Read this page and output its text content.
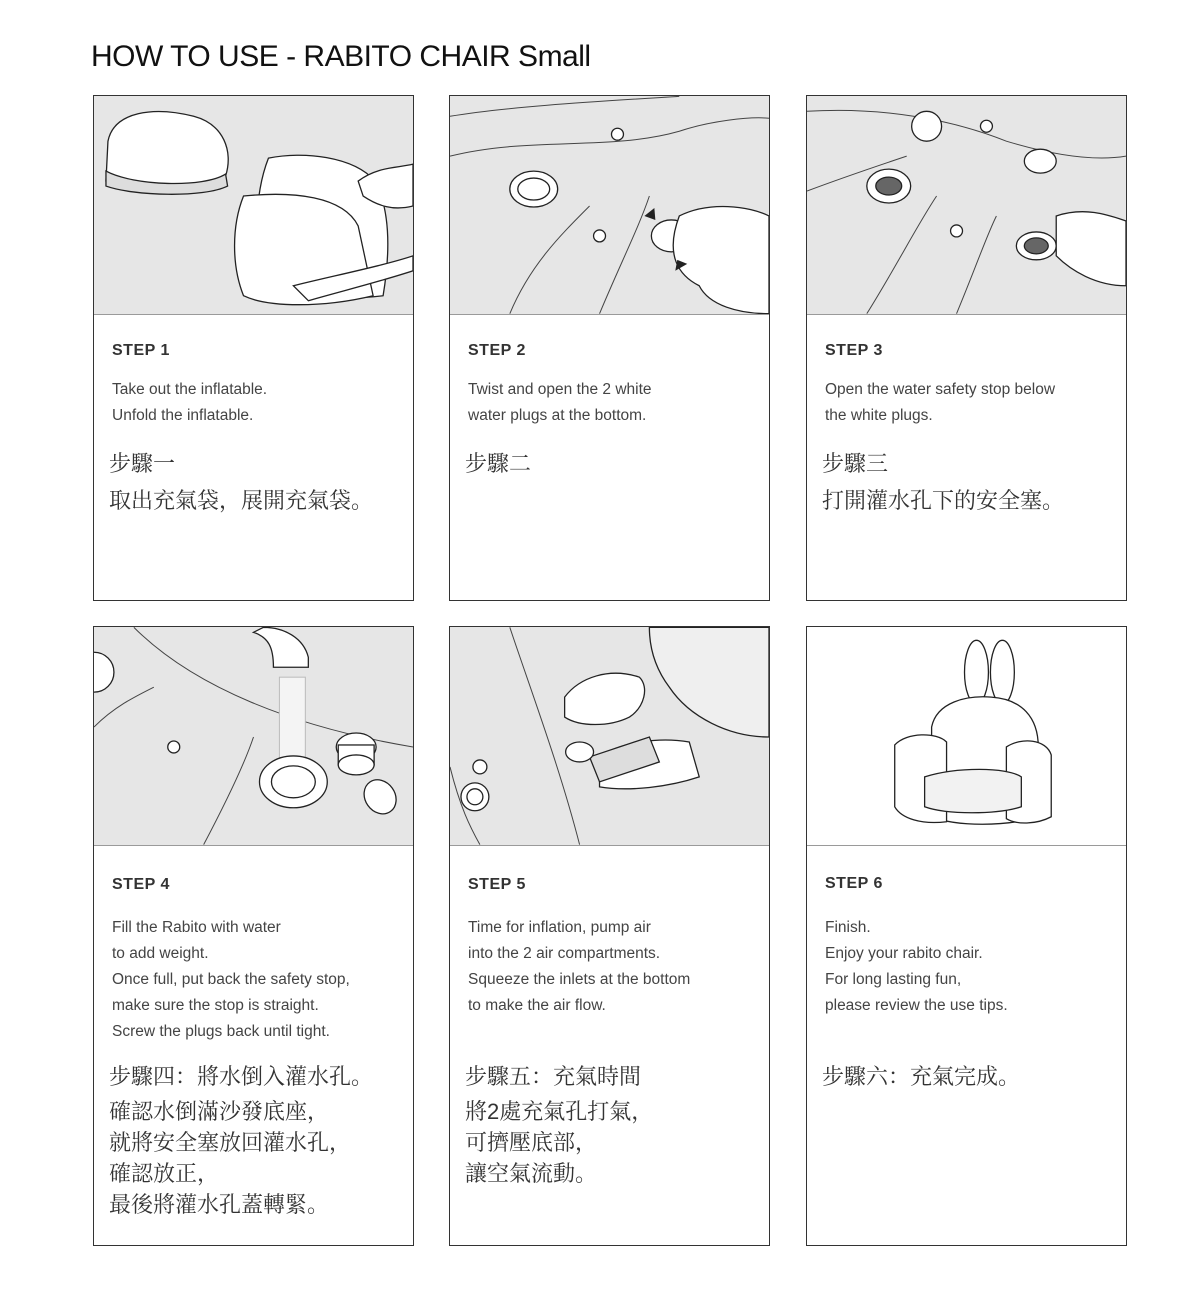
HOW TO USE - RABITO CHAIR Small
STEP 1
Take out the inflatable.
Unfold the inflatable.
步驟一
取出充氣袋，展開充氣袋。
STEP 2
Twist and open the 2 white
water plugs at the bottom.
步驟二
STEP 3
Open the water safety stop below
the white plugs.
步驟三
打開灌水孔下的安全塞。
STEP 4
Fill the Rabito with water
to add weight.
Once full, put back the safety stop,
make sure the stop is straight.
Screw the plugs back until tight.
步驟四：將水倒入灌水孔。
確認水倒滿沙發底座，
就將安全塞放回灌水孔，
確認放正，
最後將灌水孔蓋轉緊。
STEP 5
Time for inflation, pump air
into the 2 air compartments.
Squeeze the inlets at the bottom
to make the air flow.
步驟五：充氣時間
將2處充氣孔打氣，
可擠壓底部，
讓空氣流動。
STEP 6
Finish.
Enjoy your rabito chair.
For long lasting fun,
please review the use tips.
步驟六：充氣完成。
